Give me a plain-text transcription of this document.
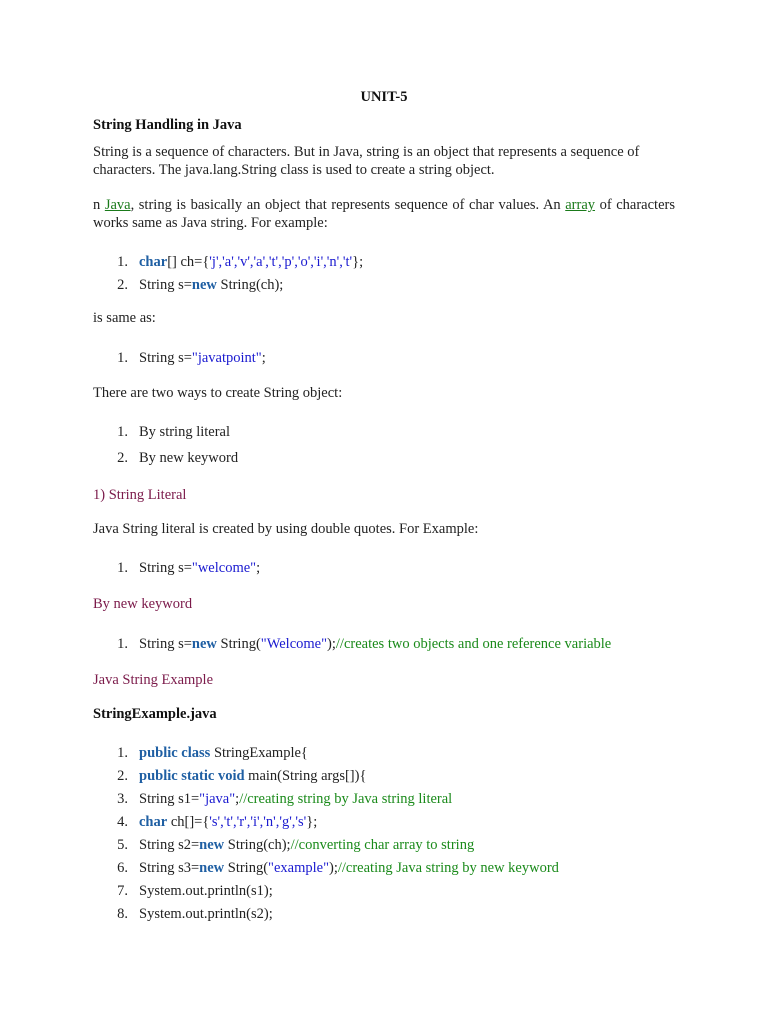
UNIT-5
String Handling in Java
String is a sequence of characters. But in Java, string is an object that represents a sequence of characters. The java.lang.String class is used to create a string object.
n Java, string is basically an object that represents sequence of char values. An array of characters works same as Java string. For example:
1. char[] ch={'j','a','v','a','t','p','o','i','n','t'};
2. String s=new String(ch);
is same as:
1. String s="javatpoint";
There are two ways to create String object:
1. By string literal
2. By new keyword
1) String Literal
Java String literal is created by using double quotes. For Example:
1. String s="welcome";
By new keyword
1. String s=new String("Welcome");//creates two objects and one reference variable
Java String Example
StringExample.java
1. public class StringExample{
2. public static void main(String args[]){
3. String s1="java";//creating string by Java string literal
4. char ch[]={'s','t','r','i','n','g','s'};
5. String s2=new String(ch);//converting char array to string
6. String s3=new String("example");//creating Java string by new keyword
7. System.out.println(s1);
8. System.out.println(s2);
